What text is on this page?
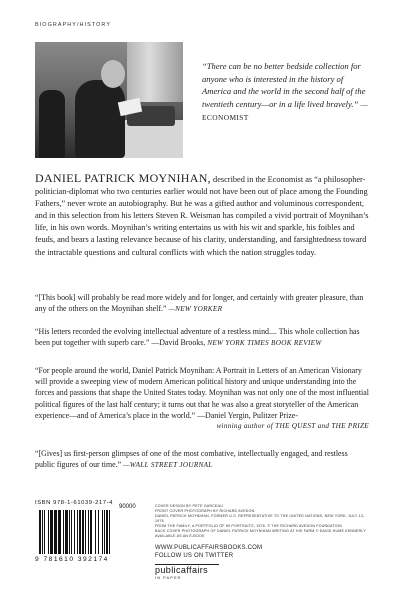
BIOGRAPHY/HISTORY
“There can be no better bedside collection for anyone who is interested in the history of America and the world in the second half of the twentieth century—or in a life lived bravely.” —ECONOMIST
DANIEL PATRICK MOYNIHAN, described in the Economist as “a philosopher-politician-diplomat who two centuries earlier would not have been out of place among the Founding Fathers,” never wrote an autobiography. But he was a gifted author and voluminous correspondent, and in this selection from his letters Steven R. Weisman has compiled a vivid portrait of Moynihan’s life, in his own words. Moynihan’s writing entertains us with his wit and sparkle, his foibles and feuds, and bears a lasting relevance because of his clarity, understanding, and farsightedness toward the intractable questions and cultural conflicts with which the nation struggles today.
“[This book] will probably be read more widely and for longer, and certainly with greater pleasure, than any of the others on the Moynihan shelf.” —NEW YORKER
“His letters recorded the evolving intellectual adventure of a restless mind.... This whole collection has been put together with superb care.” —David Brooks, NEW YORK TIMES BOOK REVIEW
“For people around the world, Daniel Patrick Moynihan: A Portrait in Letters of an American Visionary will provide a sweeping view of modern American political history and unique understanding into the forces and passions that shape the United States today. Moynihan was not only one of the most influential political figures of the last half century; it turns out that he was also a great storyteller of the American experience—and of America’s place in the world.” —Daniel Yergin, Pulitzer Prize-
winning author of THE QUEST and THE PRIZE
“[Gives] us first-person glimpses of one of the most combative, intellectually engaged, and restless public figures of our time.” —WALL STREET JOURNAL
ISBN 978-1-61039-217-4
90000
9 781610 392174
COVER DESIGN BY PETE GARCEAU
FRONT COVER PHOTOGRAPH BY RICHARD AVEDON
DANIEL PATRICK MOYNIHAN, FORMER U.S. REPRESENTATIVE TO THE UNITED NATIONS, NEW YORK, JULY 13, 1976
FROM THE FAMILY, A PORTFOLIO OF 69 PORTRAITS, 1976. © THE RICHARD AVEDON FOUNDATION
BACK COVER PHOTOGRAPH OF DANIEL PATRICK MOYNIHAN WRITING AT HIS FARM © DAVID HUME KENNERLY
AVAILABLE AS AN E-BOOK
WWW.PUBLICAFFAIRSBOOKS.COM
FOLLOW US ON TWITTER
publicaffairs
IN PAPER
